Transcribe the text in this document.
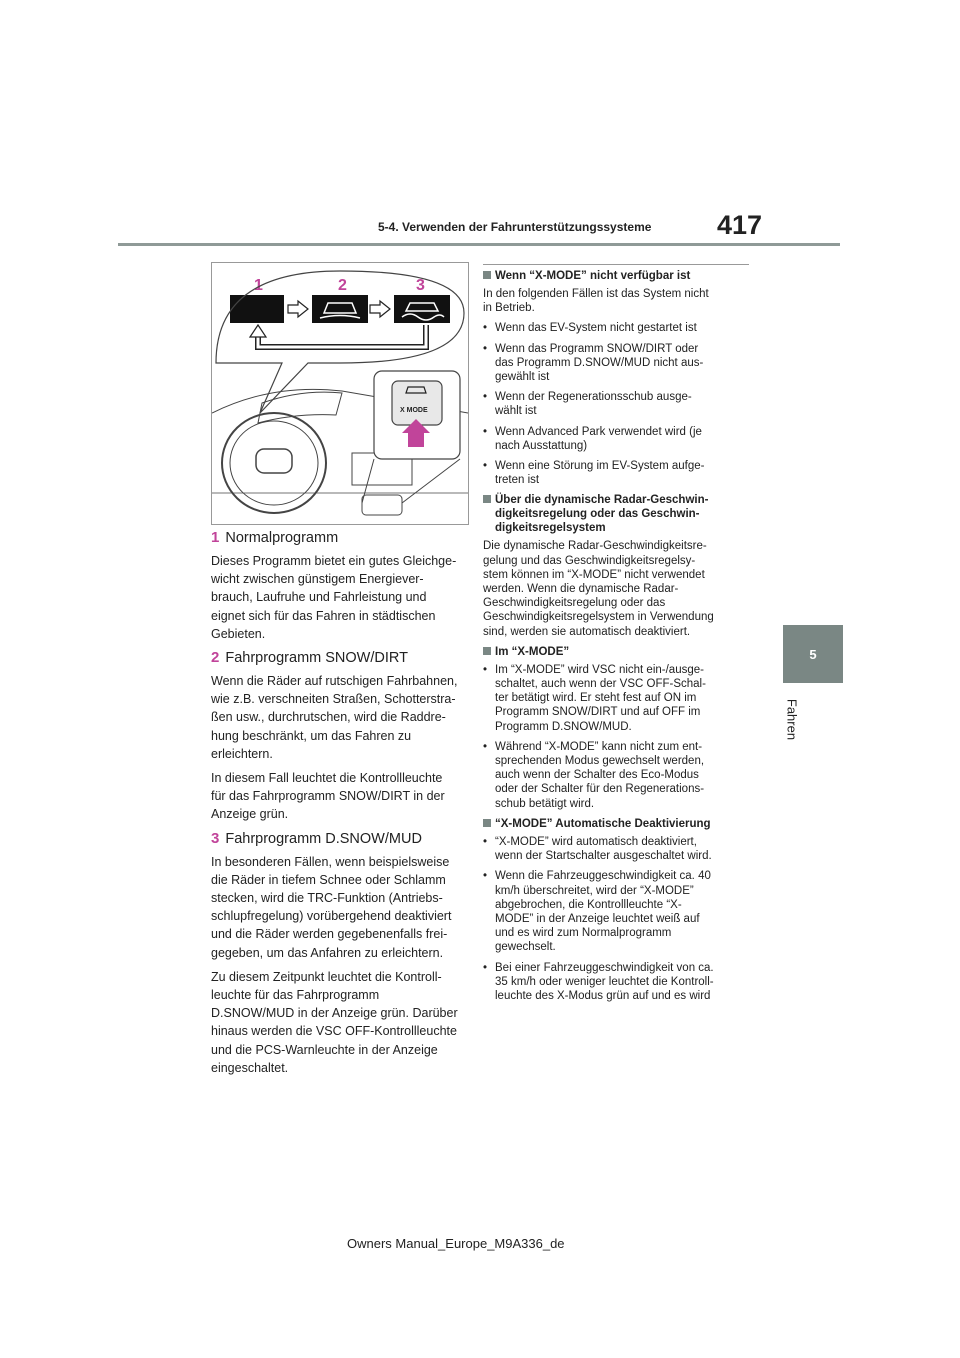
5-4. Verwenden der Fahrunterstützungssysteme 417
5
Fahren
1	2	3
X MODE
1 Normalprogramm

Dieses Programm bietet ein gutes Gleichge-
wicht zwischen günstigem Energiever-
brauch, Laufruhe und Fahrleistung und
eignet sich für das Fahren in städtischen
Gebieten.

2 Fahrprogramm SNOW/DIRT

Wenn die Räder auf rutschigen Fahrbahnen,
wie z.B. verschneiten Straßen, Schotterstra-
ßen usw., durchrutschen, wird die Raddre-
hung beschränkt, um das Fahren zu
erleichtern.

In diesem Fall leuchtet die Kontrollleuchte
für das Fahrprogramm SNOW/DIRT in der
Anzeige grün.

3 Fahrprogramm D.SNOW/MUD

In besonderen Fällen, wenn beispielsweise
die Räder in tiefem Schnee oder Schlamm
stecken, wird die TRC-Funktion (Antriebs-
schlupfregelung) vorübergehend deaktiviert
und die Räder werden gegebenenfalls frei-
gegeben, um das Anfahren zu erleichtern.

Zu diesem Zeitpunkt leuchtet die Kontroll-
leuchte für das Fahrprogramm
D.SNOW/MUD in der Anzeige grün. Darüber
hinaus werden die VSC OFF-Kontrollleuchte
und die PCS-Warnleuchte in der Anzeige
eingeschaltet.

Wenn “X-MODE” nicht verfügbar ist

In den folgenden Fällen ist das System nicht
in Betrieb.

• Wenn das EV-System nicht gestartet ist
• Wenn das Programm SNOW/DIRT oder
das Programm D.SNOW/MUD nicht aus-
gewählt ist
• Wenn der Regenerationsschub ausge-
wählt ist
• Wenn Advanced Park verwendet wird (je
nach Ausstattung)
• Wenn eine Störung im EV-System aufge-
treten ist
Über die dynamische Radar-Geschwin-
digkeitsregelung oder das Geschwin-
digkeitsregelsystem

Die dynamische Radar-Geschwindigkeitsre-
gelung und das Geschwindigkeitsregelsy-
stem können im “X-MODE” nicht verwendet
werden. Wenn die dynamische Radar-
Geschwindigkeitsregelung oder das
Geschwindigkeitsregelsystem in Verwendung
sind, werden sie automatisch deaktiviert.

Im “X-MODE”
• Im “X-MODE” wird VSC nicht ein-/ausge-
schaltet, auch wenn der VSC OFF-Schal-
ter betätigt wird. Er steht fest auf ON im
Programm SNOW/DIRT und auf OFF im
Programm D.SNOW/MUD.
• Während “X-MODE” kann nicht zum ent-
sprechenden Modus gewechselt werden,
auch wenn der Schalter des Eco-Modus
oder der Schalter für den Regenerations-
schub betätigt wird.
“X-MODE” Automatische Deaktivierung
• “X-MODE” wird automatisch deaktiviert,
wenn der Startschalter ausgeschaltet wird.
• Wenn die Fahrzeuggeschwindigkeit ca. 40
km/h überschreitet, wird der “X-MODE”
abgebrochen, die Kontrollleuchte “X-
MODE” in der Anzeige leuchtet weiß auf
und es wird zum Normalprogramm
gewechselt.
• Bei einer Fahrzeuggeschwindigkeit von ca.
35 km/h oder weniger leuchtet die Kontroll-
leuchte des X-Modus grün auf und es wird
Owners Manual_Europe_M9A336_de
